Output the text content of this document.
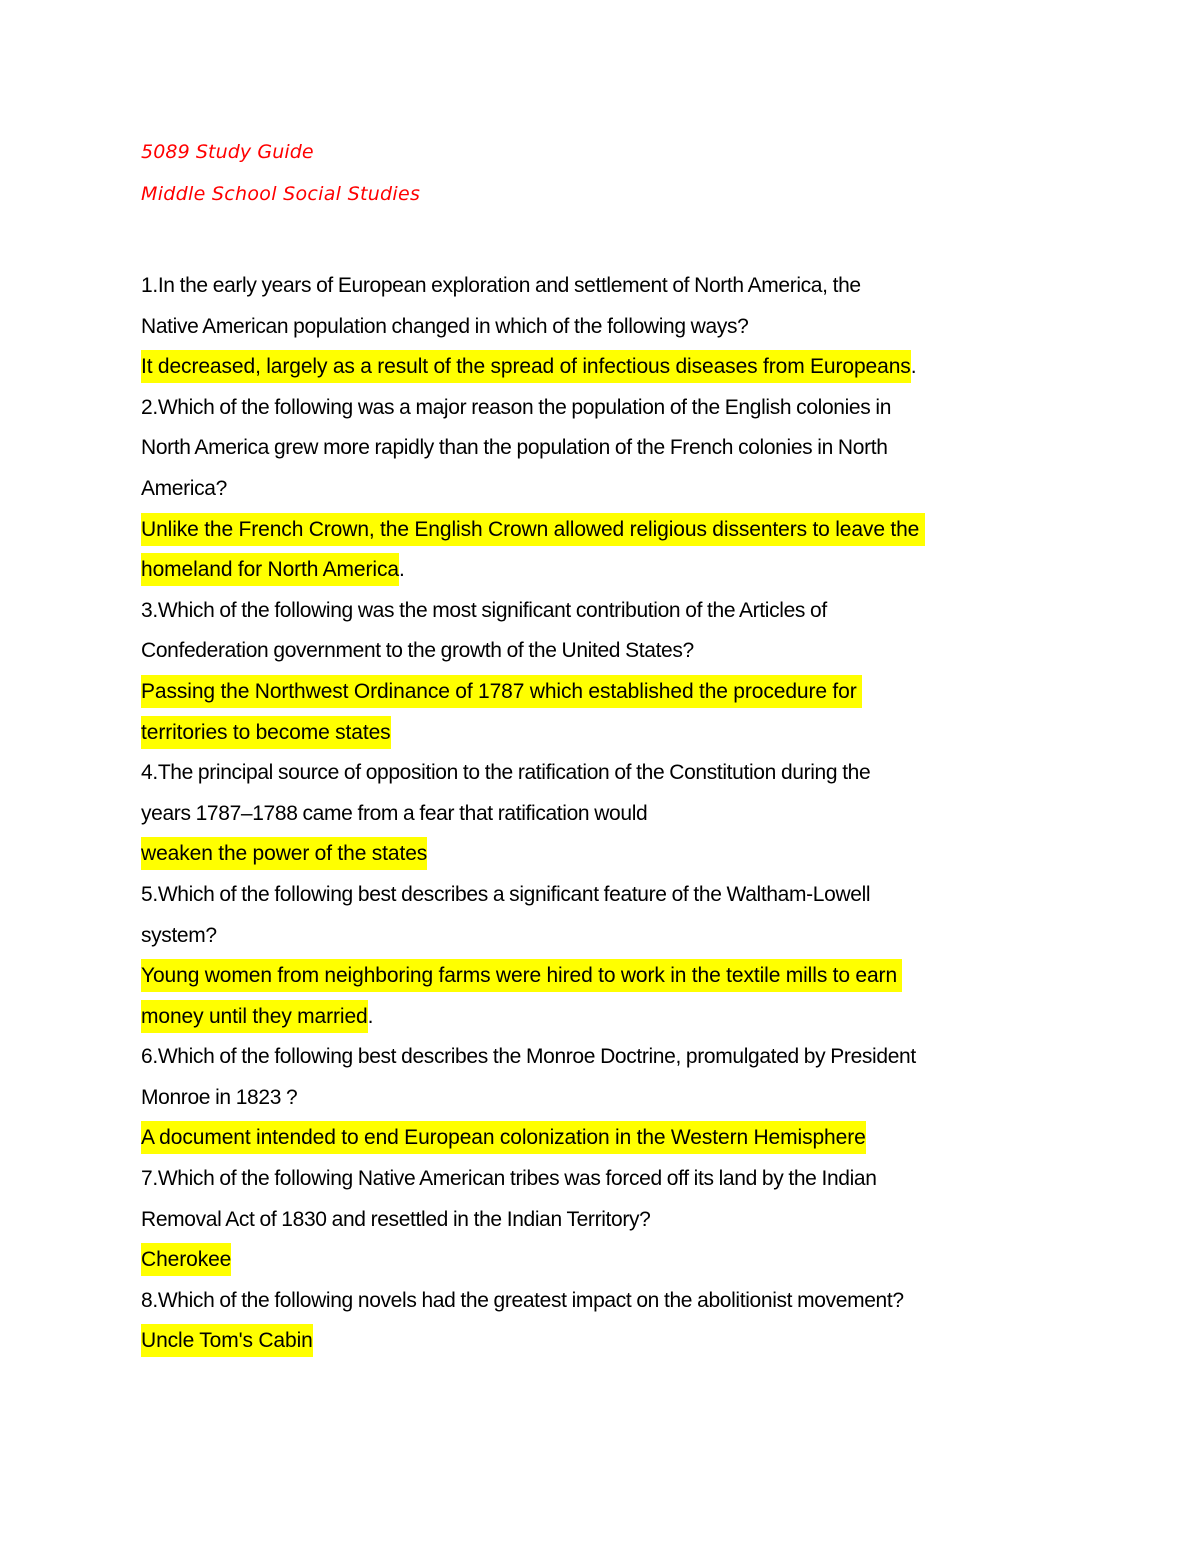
5089 Study Guide
Middle School Social Studies
1.In the early years of European exploration and settlement of North America, the
Native American population changed in which of the following ways?
It decreased, largely as a result of the spread of infectious diseases from Europeans.
2.Which of the following was a major reason the population of the English colonies in
North America grew more rapidly than the population of the French colonies in North
America?
Unlike the French Crown, the English Crown allowed religious dissenters to leave the
homeland for North America.
3.Which of the following was the most significant contribution of the Articles of
Confederation government to the growth of the United States?
Passing the Northwest Ordinance of 1787 which established the procedure for
territories to become states
4.The principal source of opposition to the ratification of the Constitution during the
years 1787–1788 came from a fear that ratification would
weaken the power of the states
5.Which of the following best describes a significant feature of the Waltham-Lowell
system?
Young women from neighboring farms were hired to work in the textile mills to earn
money until they married.
6.Which of the following best describes the Monroe Doctrine, promulgated by President
Monroe in 1823 ?
A document intended to end European colonization in the Western Hemisphere
7.Which of the following Native American tribes was forced off its land by the Indian
Removal Act of 1830 and resettled in the Indian Territory?
Cherokee
8.Which of the following novels had the greatest impact on the abolitionist movement?
Uncle Tom's Cabin
